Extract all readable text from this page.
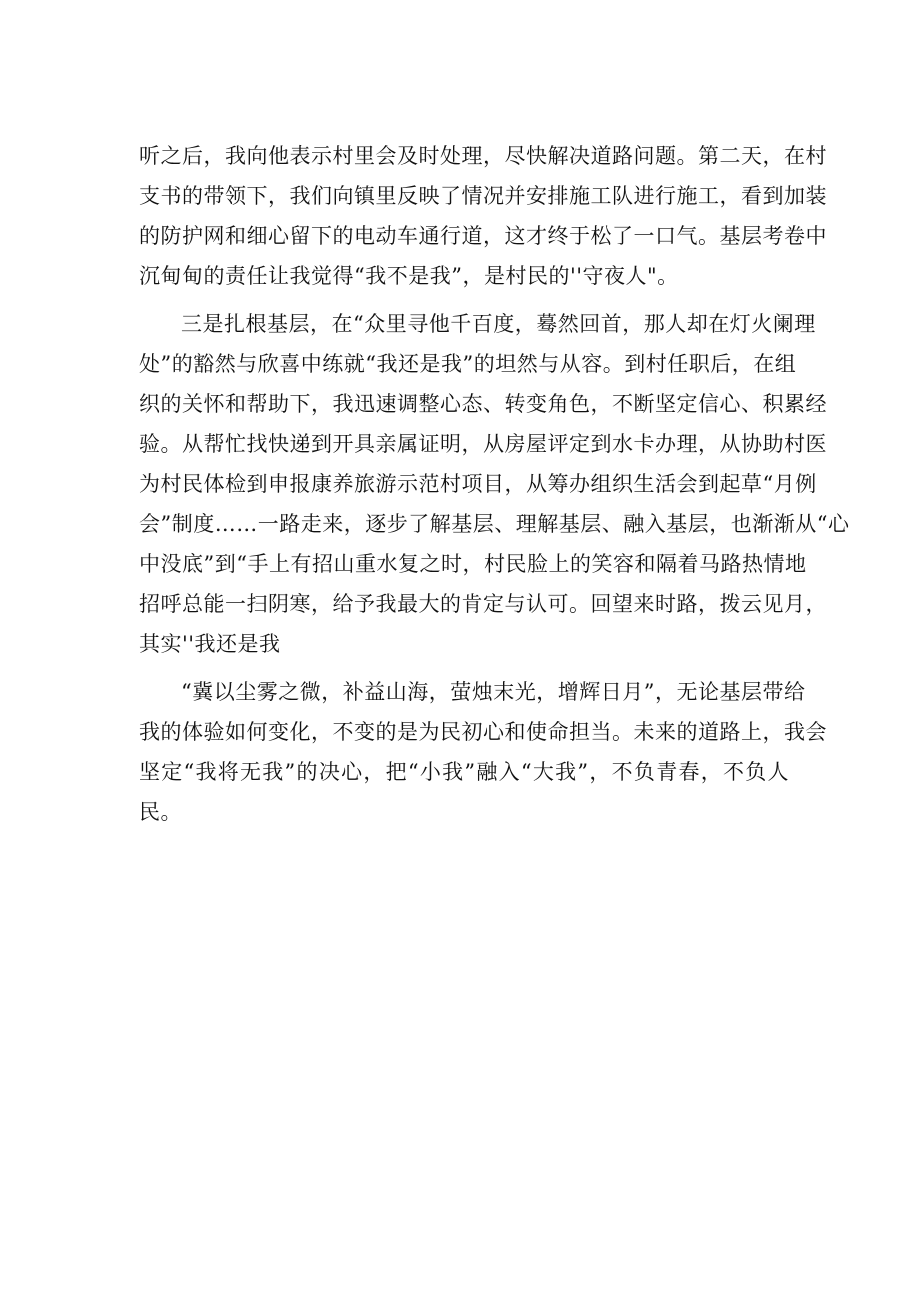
听之后，我向他表示村里会及时处理，尽快解决道路问题。第二天，在村
支书的带领下，我们向镇里反映了情况并安排施工队进行施工，看到加装
的防护网和细心留下的电动车通行道，这才终于松了一口气。基层考卷中
沉甸甸的责任让我觉得“我不是我”，是村民的''守夜人"。
三是扎根基层，在“众里寻他千百度，蓦然回首，那人却在灯火阑理
处”的豁然与欣喜中练就“我还是我”的坦然与从容。到村任职后，在组
织的关怀和帮助下，我迅速调整心态、转变角色，不断坚定信心、积累经
验。从帮忙找快递到开具亲属证明，从房屋评定到水卡办理，从协助村医
为村民体检到申报康养旅游示范村项目，从筹办组织生活会到起草“月例
会”制度……一路走来，逐步了解基层、理解基层、融入基层，也渐渐从“心
中没底”到“手上有招山重水复之时，村民脸上的笑容和隔着马路热情地
招呼总能一扫阴寒，给予我最大的肯定与认可。回望来时路，拨云见月，
其实''我还是我
“冀以尘雾之微，补益山海，萤烛末光，增辉日月”，无论基层带给
我的体验如何变化，不变的是为民初心和使命担当。未来的道路上，我会
坚定“我将无我”的决心，把“小我”融入“大我”，不负青春，不负人
民。
